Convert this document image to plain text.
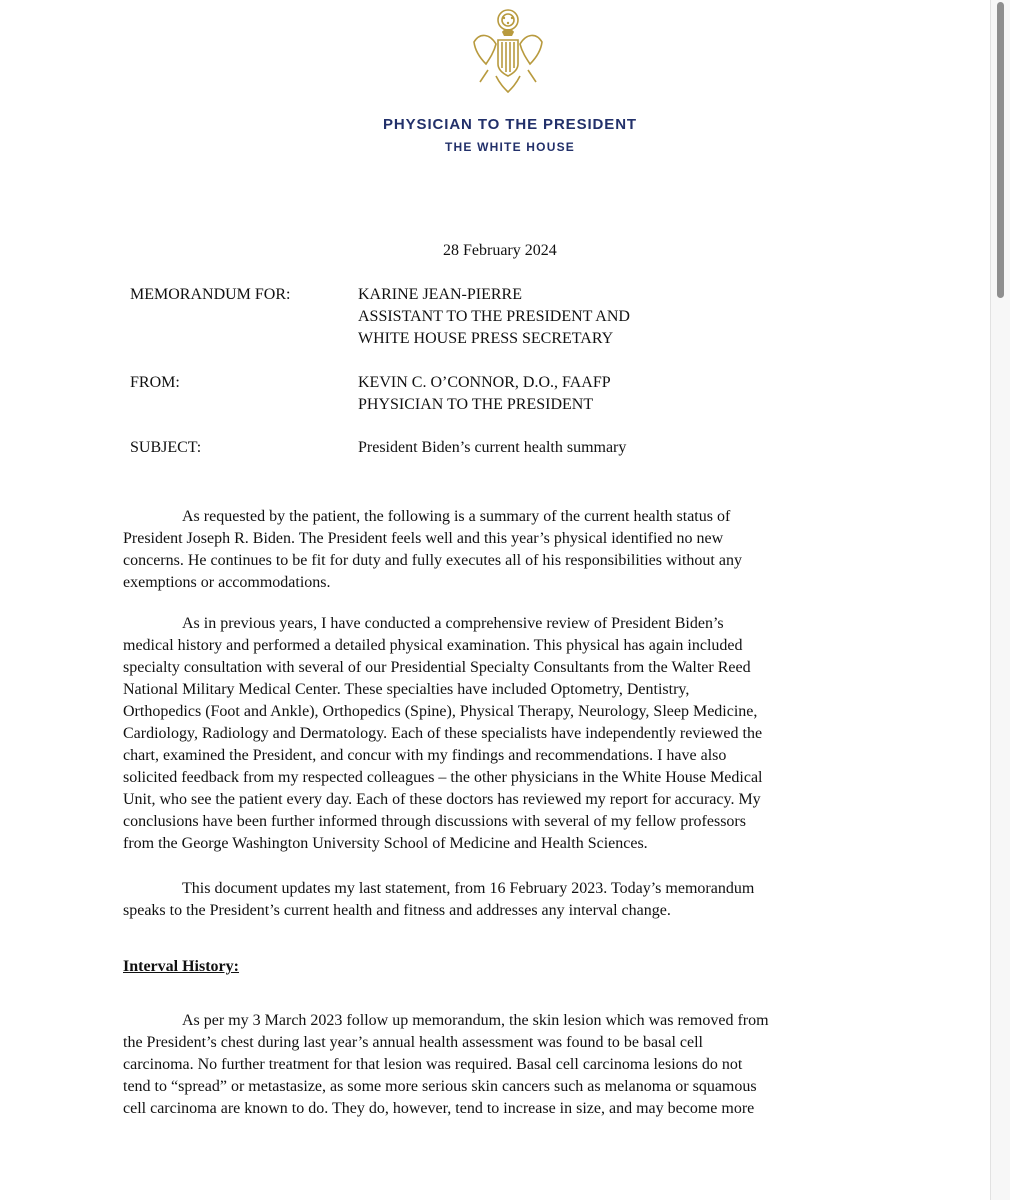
PHYSICIAN TO THE PRESIDENT
THE WHITE HOUSE
28 February 2024
MEMORANDUM FOR:	KARINE JEAN-PIERRE
ASSISTANT TO THE PRESIDENT AND
WHITE HOUSE PRESS SECRETARY
FROM:	KEVIN C. O’CONNOR, D.O., FAAFP
PHYSICIAN TO THE PRESIDENT
SUBJECT:	President Biden’s current health summary
As requested by the patient, the following is a summary of the current health status of
President Joseph R. Biden. The President feels well and this year’s physical identified no new
concerns. He continues to be fit for duty and fully executes all of his responsibilities without any
exemptions or accommodations.
As in previous years, I have conducted a comprehensive review of President Biden’s
medical history and performed a detailed physical examination. This physical has again included
specialty consultation with several of our Presidential Specialty Consultants from the Walter Reed
National Military Medical Center. These specialties have included Optometry, Dentistry,
Orthopedics (Foot and Ankle), Orthopedics (Spine), Physical Therapy, Neurology, Sleep Medicine,
Cardiology, Radiology and Dermatology. Each of these specialists have independently reviewed the
chart, examined the President, and concur with my findings and recommendations. I have also
solicited feedback from my respected colleagues – the other physicians in the White House Medical
Unit, who see the patient every day. Each of these doctors has reviewed my report for accuracy. My
conclusions have been further informed through discussions with several of my fellow professors
from the George Washington University School of Medicine and Health Sciences.
This document updates my last statement, from 16 February 2023. Today’s memorandum
speaks to the President’s current health and fitness and addresses any interval change.
Interval History:
As per my 3 March 2023 follow up memorandum, the skin lesion which was removed from
the President’s chest during last year’s annual health assessment was found to be basal cell
carcinoma. No further treatment for that lesion was required. Basal cell carcinoma lesions do not
tend to “spread” or metastasize, as some more serious skin cancers such as melanoma or squamous
cell carcinoma are known to do. They do, however, tend to increase in size, and may become more
